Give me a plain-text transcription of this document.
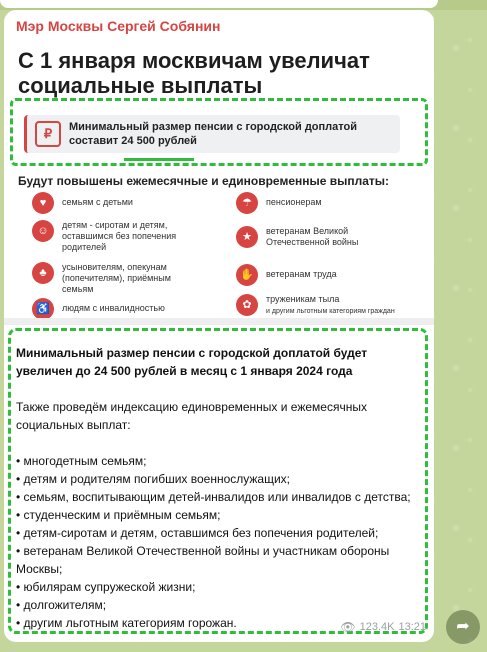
Мэр Москвы Сергей Собянин
С 1 января москвичам увеличат социальные выплаты
₽	Минимальный размер пенсии с городской доплатой
составит 24 500 рублей
Будут повышены ежемесячные и единовременные выплаты:
♥	семьям с детьми
☺	детям - сиротам и детям, оставшимся без попечения родителей
♣	усыновителям, опекунам (попечителям), приёмным семьям
♿	людям с инвалидностью
☂	пенсионерам
★	ветеранам Великой Отечественной войны
✋	ветеранам труда
✿	труженикам тыла
и другим льготным категориям граждан
Минимальный размер пенсии с городской доплатой будет увеличен до 24 500 рублей в месяц с 1 января 2024 года
Также проведём индексацию единовременных и ежемесячных социальных выплат:
• многодетным семьям;
• детям и родителям погибших военнослужащих;
• семьям, воспитывающим детей-инвалидов или инвалидов с детства;
• студенческим и приёмным семьям;
• детям-сиротам и детям, оставшимся без попечения родителей;
• ветеранам Великой Отечественной войны и участникам обороны Москвы;
• юбилярам супружеской жизни;
• долгожителям;
• другим льготным категориям горожан.	👁 123.4K 13:21	➦
